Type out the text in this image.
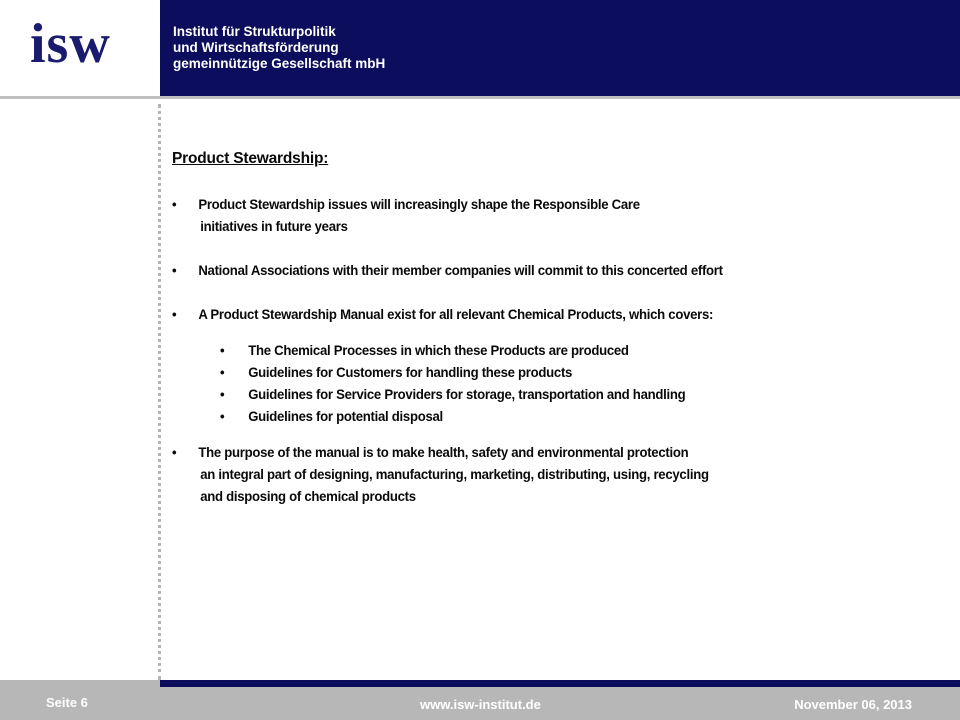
isw	Institut für Strukturpolitik
und Wirtschaftsförderung
gemeinnützige Gesellschaft mbH
Product Stewardship:
• Product Stewardship issues will increasingly shape the Responsible Care
initiatives in future years
• National Associations with their member companies will commit to this concerted effort
• A Product Stewardship Manual exist for all relevant Chemical Products, which covers:
• The Chemical Processes in which these Products are produced
• Guidelines for Customers for handling these products
• Guidelines for Service Providers for storage, transportation and handling
• Guidelines for potential disposal
• The purpose of the manual is to make health, safety and environmental protection
an integral part of designing, manufacturing, marketing, distributing, using, recycling
and disposing of chemical products
Seite 6	www.isw-institut.de	November 06, 2013
